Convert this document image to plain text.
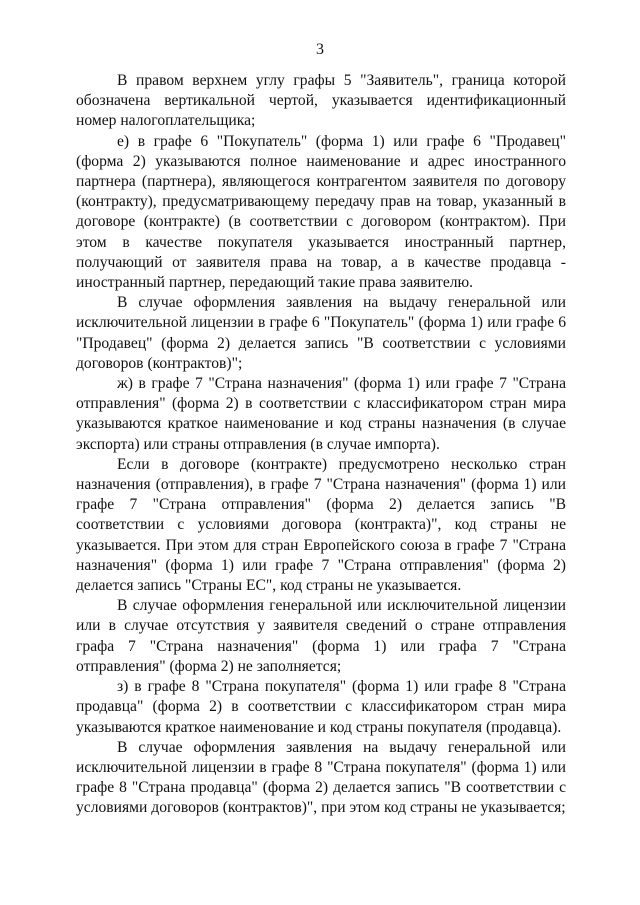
3

В правом верхнем углу графы 5 "Заявитель", граница которой обозначена вертикальной чертой, указывается идентификационный номер налогоплательщика;

е) в графе 6 "Покупатель" (форма 1) или графе 6 "Продавец" (форма 2) указываются полное наименование и адрес иностранного партнера (партнера), являющегося контрагентом заявителя по договору (контракту), предусматривающему передачу прав на товар, указанный в договоре (контракте) (в соответствии с договором (контрактом). При этом в качестве покупателя указывается иностранный партнер, получающий от заявителя права на товар, а в качестве продавца - иностранный партнер, передающий такие права заявителю.

В случае оформления заявления на выдачу генеральной или исключительной лицензии в графе 6 "Покупатель" (форма 1) или графе 6 "Продавец" (форма 2) делается запись "В соответствии с условиями договоров (контрактов)";

ж) в графе 7 "Страна назначения" (форма 1) или графе 7 "Страна отправления" (форма 2) в соответствии с классификатором стран мира указываются краткое наименование и код страны назначения (в случае экспорта) или страны отправления (в случае импорта).

Если в договоре (контракте) предусмотрено несколько стран назначения (отправления), в графе 7 "Страна назначения" (форма 1) или графе 7 "Страна отправления" (форма 2) делается запись "В соответствии с условиями договора (контракта)", код страны не указывается. При этом для стран Европейского союза в графе 7 "Страна назначения" (форма 1) или графе 7 "Страна отправления" (форма 2) делается запись "Страны ЕС", код страны не указывается.

В случае оформления генеральной или исключительной лицензии или в случае отсутствия у заявителя сведений о стране отправления графа 7 "Страна назначения" (форма 1) или графа 7 "Страна отправления" (форма 2) не заполняется;

з) в графе 8 "Страна покупателя" (форма 1) или графе 8 "Страна продавца" (форма 2) в соответствии с классификатором стран мира указываются краткое наименование и код страны покупателя (продавца).

В случае оформления заявления на выдачу генеральной или исключительной лицензии в графе 8 "Страна покупателя" (форма 1) или графе 8 "Страна продавца" (форма 2) делается запись "В соответствии с условиями договоров (контрактов)", при этом код страны не указывается;
